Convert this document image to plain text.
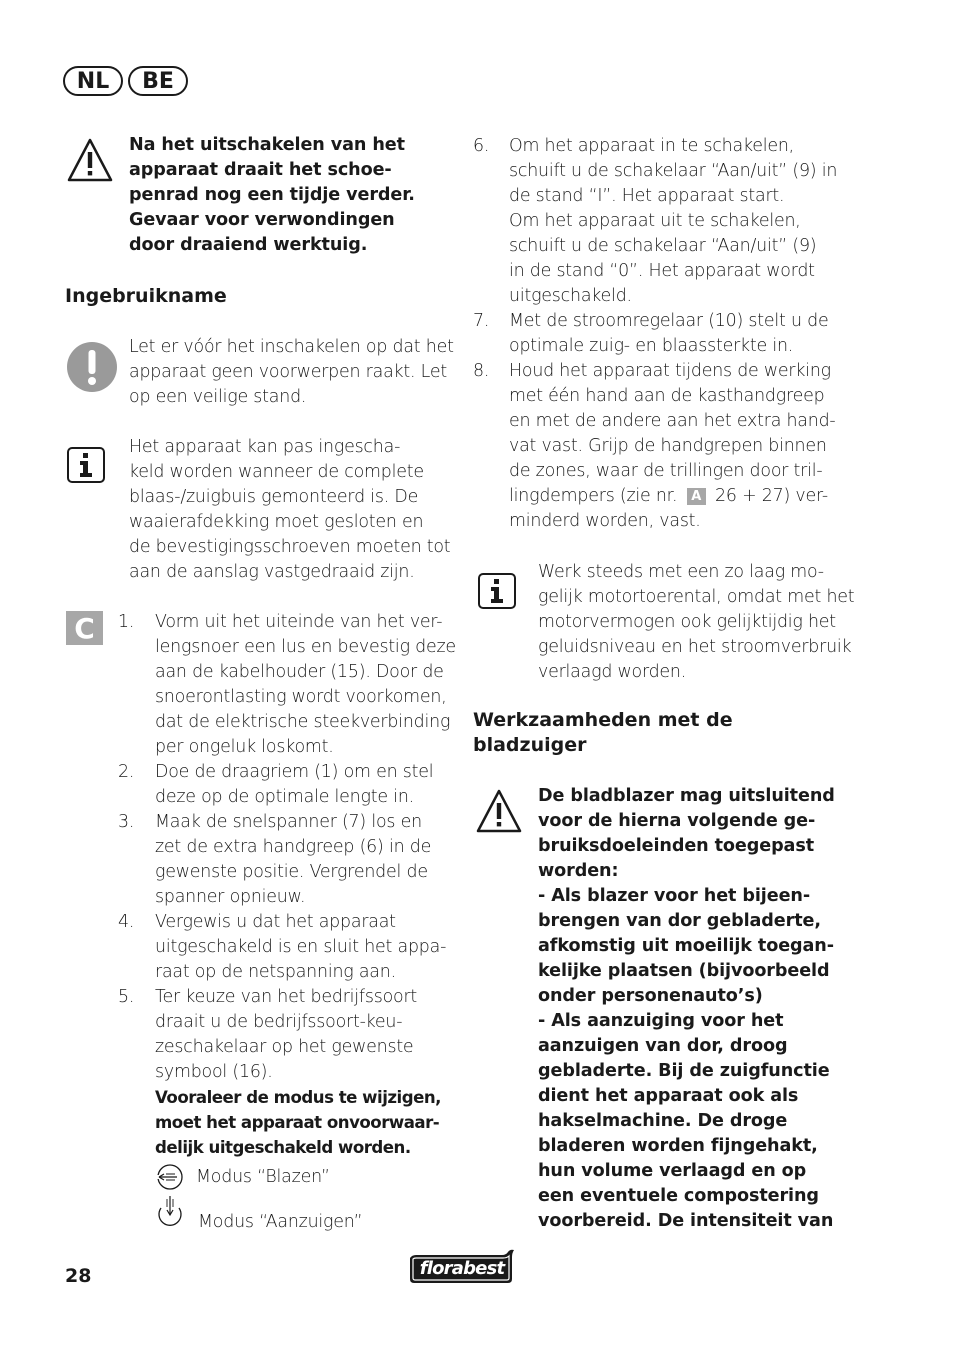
NL	BE
Na het uitschakelen van het
apparaat draait het schoe-
penrad nog een tijdje verder.
Gevaar voor verwondingen
door draaiend werktuig.
Ingebruikname
Let er vóór het inschakelen op dat het
apparaat geen voorwerpen raakt. Let
op een veilige stand.
Het apparaat kan pas ingescha-
keld worden wanneer de complete
blaas-/zuigbuis gemonteerd is. De
waaierafdekking moet gesloten en
de bevestigingsschroeven moeten tot
aan de aanslag vastgedraaid zijn.
C	1. Vorm uit het uiteinde van het ver-
lengsnoer een lus en bevestig deze
aan de kabelhouder (15). Door de
snoerontlasting wordt voorkomen,
dat de elektrische steekverbinding
per ongeluk loskomt.
2. Doe de draagriem (1) om en stel
deze op de optimale lengte in.
3. Maak de snelspanner (7) los en
zet de extra handgreep (6) in de
gewenste positie. Vergrendel de
spanner opnieuw.
4. Vergewis u dat het apparaat
uitgeschakeld is en sluit het appa-
raat op de netspanning aan.
5. Ter keuze van het bedrijfssoort
draait u de bedrijfssoort-keu-
zeschakelaar op het gewenste
symbool (16).
Vooraleer de modus te wijzigen,
moet het apparaat onvoorwaar-
delijk uitgeschakeld worden.
Modus “Blazen”
Modus “Aanzuigen”
6. Om het apparaat in te schakelen,
schuift u de schakelaar “Aan/uit” (9) in
de stand “I”. Het apparaat start.
Om het apparaat uit te schakelen,
schuift u de schakelaar “Aan/uit” (9)
in de stand “0”. Het apparaat wordt
uitgeschakeld.
7. Met de stroomregelaar (10) stelt u de
optimale zuig- en blaassterkte in.
8. Houd het apparaat tijdens de werking
met één hand aan de kasthandgreep
en met de andere aan het extra hand-
vat vast. Grijp de handgrepen binnen
de zones, waar de trillingen door tril-
lingdempers (zie nr. A 26 + 27) ver-
minderd worden, vast.
Werk steeds met een zo laag mo-
gelijk motortoerental, omdat met het
motorvermogen ook gelijktijdig het
geluidsniveau en het stroomverbruik
verlaagd worden.
Werkzaamheden met de
bladzuiger
De bladblazer mag uitsluitend
voor de hierna volgende ge-
bruiksdoeleinden toegepast
worden:
- Als blazer voor het bijeen-
brengen van dor gebladerte,
afkomstig uit moeilijk toegan-
kelijke plaatsen (bijvoorbeeld
onder personenauto’s)
- Als aanzuiging voor het
aanzuigen van dor, droog
gebladerte. Bij de zuigfunctie
dient het apparaat ook als
hakselmachine. De droge
bladeren worden fijngehakt,
hun volume verlaagd en op
een eventuele compostering
voorbereid. De intensiteit van
28	florabest
